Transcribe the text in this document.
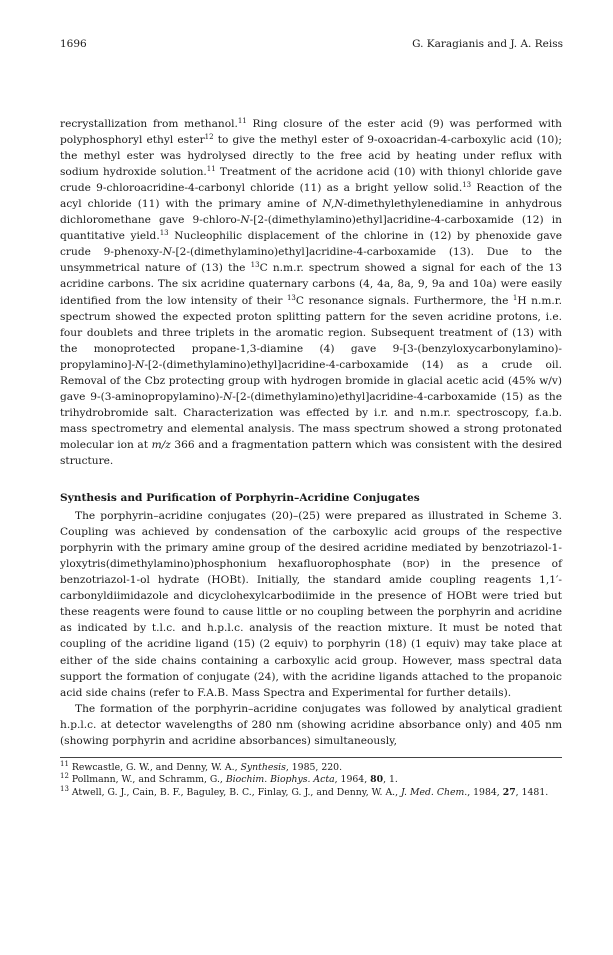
1696	G. Karagianis and J. A. Reiss

recrystallization from methanol.$^{11}$ Ring closure of the ester acid (9) was performed with polyphosphoryl ethyl ester$^{12}$ to give the methyl ester of 9-oxoacridan-4-carboxylic acid (10); the methyl ester was hydrolysed directly to the free acid by heating under reflux with sodium hydroxide solution.$^{11}$ Treatment of the acridone acid (10) with thionyl chloride gave crude 9-chloroacridine-4-carbonyl chloride (11) as a bright yellow solid.$^{13}$ Reaction of the acyl chloride (11) with the primary amine of N,N-dimethylethylenediamine in anhydrous dichloromethane gave 9-chloro-N-[2-(dimethylamino)ethyl]acridine-4-carboxamide (12) in quantitative yield.$^{13}$ Nucleophilic displacement of the chlorine in (12) by phenoxide gave crude 9-phenoxy-N-[2-(dimethylamino)ethyl]acridine-4-carboxamide (13). Due to the unsymmetrical nature of (13) the $^{13}$C n.m.r. spectrum showed a signal for each of the 13 acridine carbons. The six acridine quaternary carbons (4, 4a, 8a, 9, 9a and 10a) were easily identified from the low intensity of their $^{13}$C resonance signals. Furthermore, the $^1$H n.m.r. spectrum showed the expected proton splitting pattern for the seven acridine protons, i.e. four doublets and three triplets in the aromatic region. Subsequent treatment of (13) with the monoprotected propane-1,3-diamine (4) gave 9-[3-(benzyloxycarbonylamino)-propylamino]-N-[2-(dimethylamino)ethyl]acridine-4-carboxamide (14) as a crude oil. Removal of the Cbz protecting group with hydrogen bromide in glacial acetic acid (45% w/v) gave 9-(3-aminopropylamino)-N-[2-(dimethylamino)ethyl]acridine-4-carboxamide (15) as the trihydrobromide salt. Characterization was effected by i.r. and n.m.r. spectroscopy, f.a.b. mass spectrometry and elemental analysis. The mass spectrum showed a strong protonated molecular ion at m/z 366 and a fragmentation pattern which was consistent with the desired structure.

Synthesis and Purification of Porphyrin–Acridine Conjugates

The porphyrin–acridine conjugates (20)–(25) were prepared as illustrated in Scheme 3. Coupling was achieved by condensation of the carboxylic acid groups of the respective porphyrin with the primary amine group of the desired acridine mediated by benzotriazol-1-yloxytris(dimethylamino)phosphonium hexafluorophosphate (BOP) in the presence of benzotriazol-1-ol hydrate (HOBt). Initially, the standard amide coupling reagents 1,1′-carbonyldiimidazole and dicyclohexylcarbodiimide in the presence of HOBt were tried but these reagents were found to cause little or no coupling between the porphyrin and acridine as indicated by t.l.c. and h.p.l.c. analysis of the reaction mixture. It must be noted that coupling of the acridine ligand (15) (2 equiv) to porphyrin (18) (1 equiv) may take place at either of the side chains containing a carboxylic acid group. However, mass spectral data support the formation of conjugate (24), with the acridine ligands attached to the propanoic acid side chains (refer to F.A.B. Mass Spectra and Experimental for further details).

The formation of the porphyrin–acridine conjugates was followed by analytical gradient h.p.l.c. at detector wavelengths of 280 nm (showing acridine absorbance only) and 405 nm (showing porphyrin and acridine absorbances) simultaneously,

$^{11}$ Rewcastle, G. W., and Denny, W. A., Synthesis, 1985, 220.

$^{12}$ Pollmann, W., and Schramm, G., Biochim. Biophys. Acta, 1964, 80, 1.

$^{13}$ Atwell, G. J., Cain, B. F., Baguley, B. C., Finlay, G. J., and Denny, W. A., J. Med. Chem., 1984, 27, 1481.
